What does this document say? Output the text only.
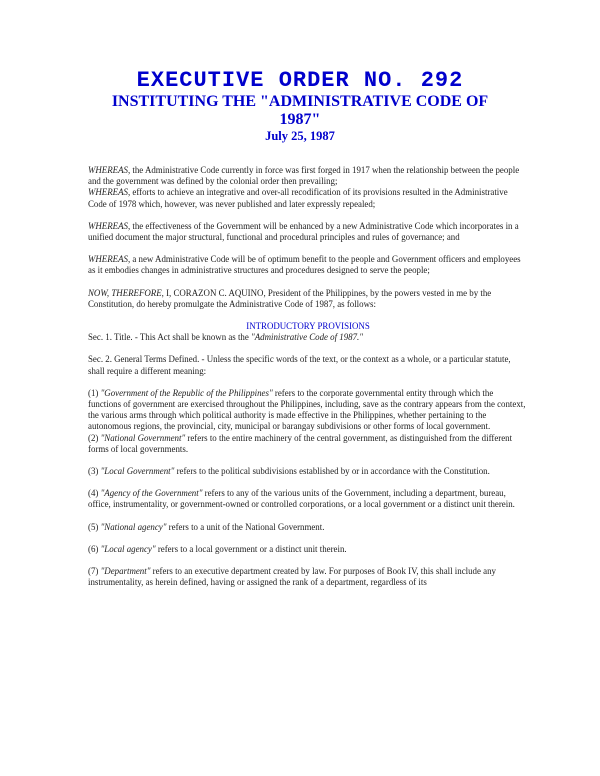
EXECUTIVE ORDER NO. 292
INSTITUTING THE "ADMINISTRATIVE CODE OF 1987"
July 25, 1987

WHEREAS, the Administrative Code currently in force was first forged in 1917 when the relationship between the people and the government was defined by the colonial order then prevailing;

WHEREAS, efforts to achieve an integrative and over-all recodification of its provisions resulted in the Administrative Code of 1978 which, however, was never published and later expressly repealed;

WHEREAS, the effectiveness of the Government will be enhanced by a new Administrative Code which incorporates in a unified document the major structural, functional and procedural principles and rules of governance; and

WHEREAS, a new Administrative Code will be of optimum benefit to the people and Government officers and employees as it embodies changes in administrative structures and procedures designed to serve the people;

NOW, THEREFORE, I, CORAZON C. AQUINO, President of the Philippines, by the powers vested in me by the Constitution, do hereby promulgate the Administrative Code of 1987, as follows:

INTRODUCTORY PROVISIONS

Sec. 1. Title. - This Act shall be known as the "Administrative Code of 1987."

Sec. 2. General Terms Defined. - Unless the specific words of the text, or the context as a whole, or a particular statute, shall require a different meaning:

(1) "Government of the Republic of the Philippines" refers to the corporate governmental entity through which the functions of government are exercised throughout the Philippines, including, save as the contrary appears from the context, the various arms through which political authority is made effective in the Philippines, whether pertaining to the autonomous regions, the provincial, city, municipal or barangay subdivisions or other forms of local government.

(2) "National Government" refers to the entire machinery of the central government, as distinguished from the different forms of local governments.

(3) "Local Government" refers to the political subdivisions established by or in accordance with the Constitution.

(4) "Agency of the Government" refers to any of the various units of the Government, including a department, bureau, office, instrumentality, or government-owned or controlled corporations, or a local government or a distinct unit therein.

(5) "National agency" refers to a unit of the National Government.

(6) "Local agency" refers to a local government or a distinct unit therein.

(7) "Department" refers to an executive department created by law. For purposes of Book IV, this shall include any instrumentality, as herein defined, having or assigned the rank of a department, regardless of its
